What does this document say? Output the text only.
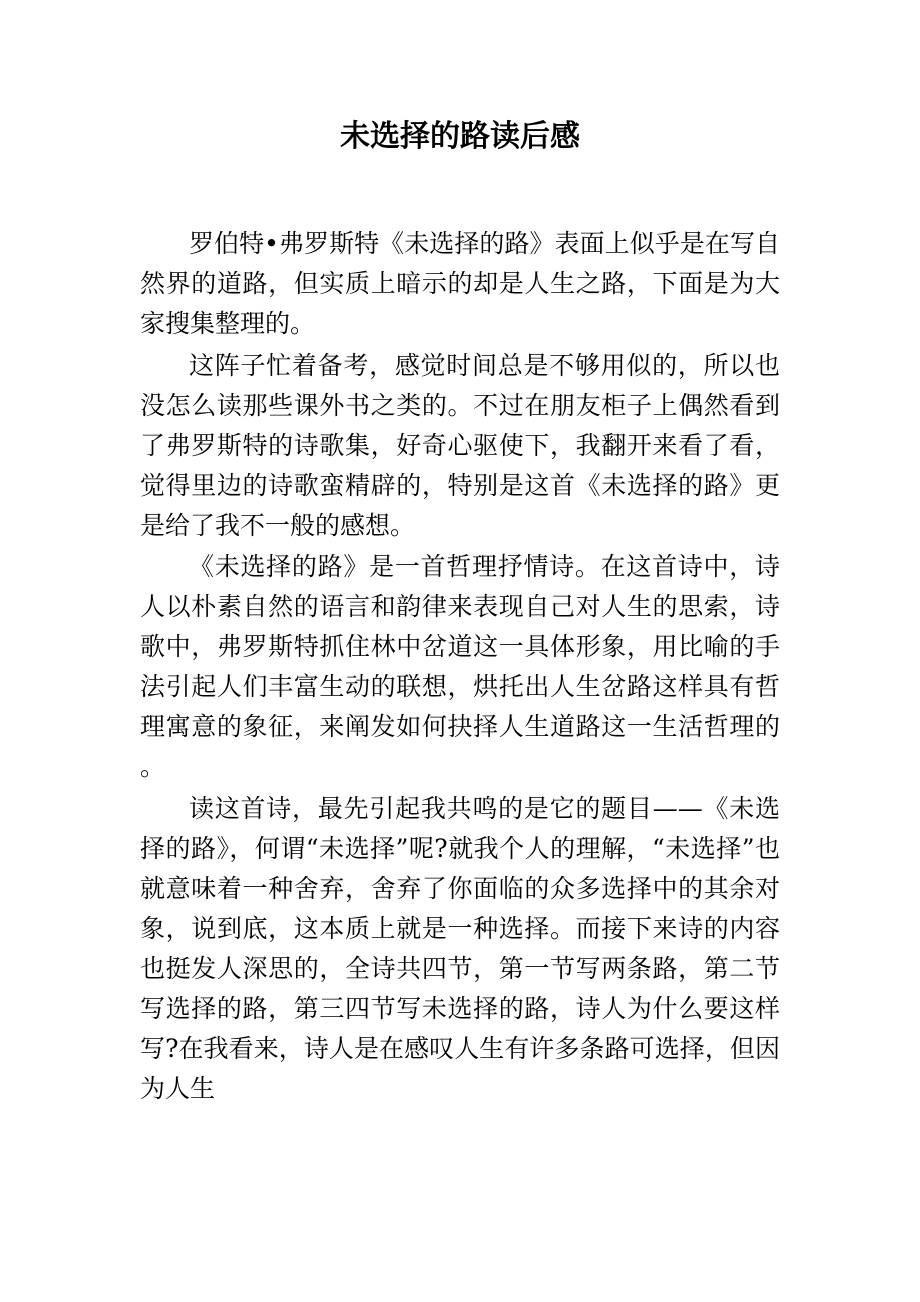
未选择的路读后感

罗伯特•弗罗斯特《未选择的路》表面上似乎是在写自然界的道路，但实质上暗示的却是人生之路，下面是为大家搜集整理的。

这阵子忙着备考，感觉时间总是不够用似的，所以也没怎么读那些课外书之类的。不过在朋友柜子上偶然看到了弗罗斯特的诗歌集，好奇心驱使下，我翻开来看了看，觉得里边的诗歌蛮精辟的，特别是这首《未选择的路》更是给了我不一般的感想。

《未选择的路》是一首哲理抒情诗。在这首诗中，诗人以朴素自然的语言和韵律来表现自己对人生的思索，诗歌中，弗罗斯特抓住林中岔道这一具体形象，用比喻的手法引起人们丰富生动的联想，烘托出人生岔路这样具有哲理寓意的象征，来阐发如何抉择人生道路这一生活哲理的。

读这首诗，最先引起我共鸣的是它的题目——《未选择的路》，何谓“未选择”呢?就我个人的理解，“未选择”也就意味着一种舍弃，舍弃了你面临的众多选择中的其余对象，说到底，这本质上就是一种选择。而接下来诗的内容也挺发人深思的，全诗共四节，第一节写两条路，第二节写选择的路，第三四节写未选择的路，诗人为什么要这样写?在我看来，诗人是在感叹人生有许多条路可选择，但因为人生
